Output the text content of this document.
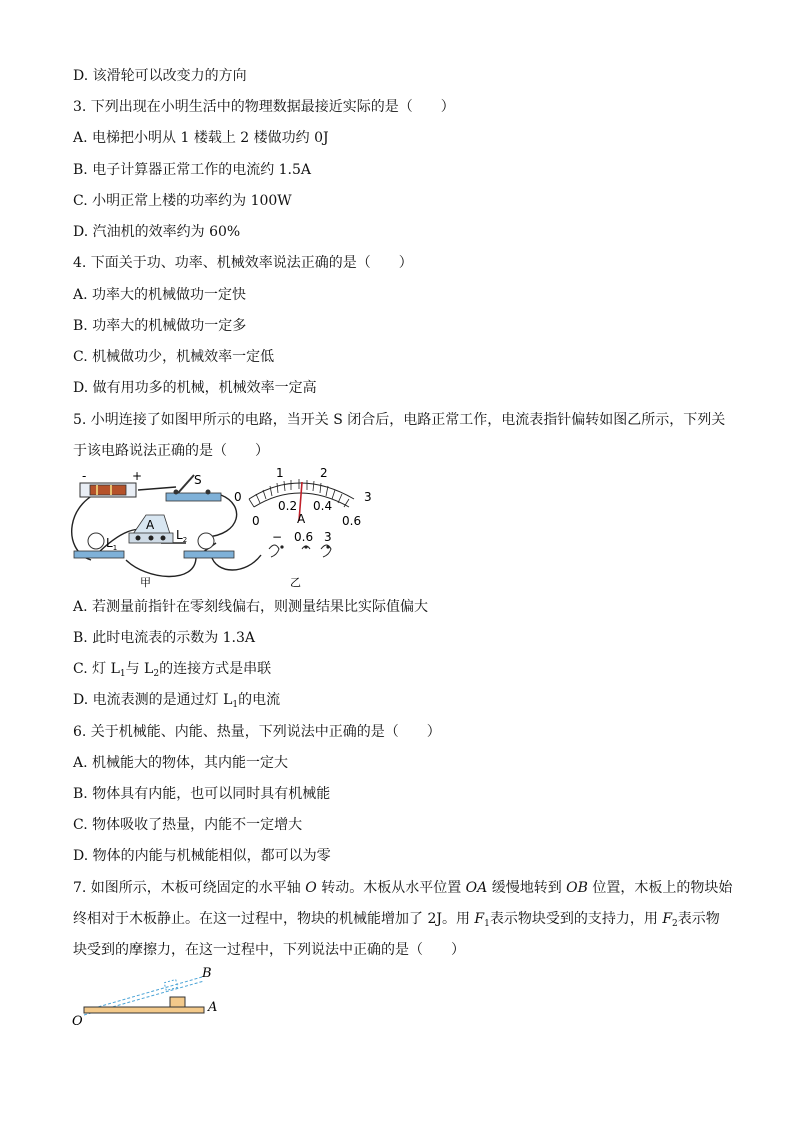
D. 该滑轮可以改变力的方向
3. 下列出现在小明生活中的物理数据最接近实际的是（　　）
A. 电梯把小明从 1 楼载上 2 楼做功约 0J
B. 电子计算器正常工作的电流约 1.5A
C. 小明正常上楼的功率约为 100W
D. 汽油机的效率约为 60%
4. 下面关于功、功率、机械效率说法正确的是（　　）
A. 功率大的机械做功一定快
B. 功率大的机械做功一定多
C. 机械做功少，机械效率一定低
D. 做有用功多的机械，机械效率一定高
5. 小明连接了如图甲所示的电路，当开关 S 闭合后，电路正常工作，电流表指针偏转如图乙所示，下列关
于该电路说法正确的是（　　）
-	+	S
A
$L_1$
$L_2$
甲
0
1	2
3
0
0.2 0.4
0.6
A
− 0.6 3
乙
A. 若测量前指针在零刻线偏右，则测量结果比实际值偏大
B. 此时电流表的示数为 1.3A
C. 灯 $L_1$与 $L_2$的连接方式是串联
D. 电流表测的是通过灯 $L_1$的电流
6. 关于机械能、内能、热量，下列说法中正确的是（　　）
A. 机械能大的物体，其内能一定大
B. 物体具有内能，也可以同时具有机械能
C. 物体吸收了热量，内能不一定增大
D. 物体的内能与机械能相似，都可以为零
7. 如图所示，木板可绕固定的水平轴 O 转动。木板从水平位置 OA 缓慢地转到 OB 位置，木板上的物块始
终相对于木板静止。在这一过程中，物块的机械能增加了 2J。用 $F_1$表示物块受到的支持力，用 $F_2$表示物
块受到的摩擦力，在这一过程中，下列说法中正确的是（　　）
O
A
B
